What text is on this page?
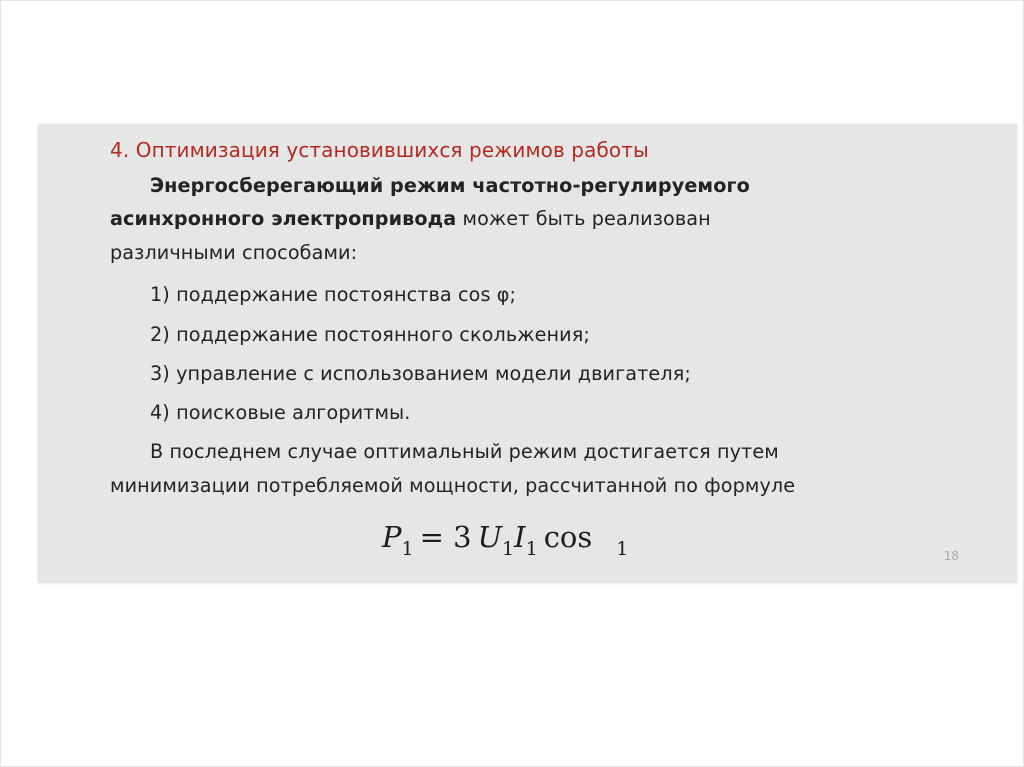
4. Оптимизация установившихся режимов работы
Энергосберегающий режим частотно-регулируемого
асинхронного электропривода может быть реализован
различными способами:
1) поддержание постоянства cos φ;
2) поддержание постоянного скольжения;
3) управление с использованием модели двигателя;
4) поисковые алгоритмы.
В последнем случае оптимальный режим достигается путем
минимизации потребляемой мощности, рассчитанной по формуле
$P_1 = 3$ $U_1I_1$ cos $_1$	18
